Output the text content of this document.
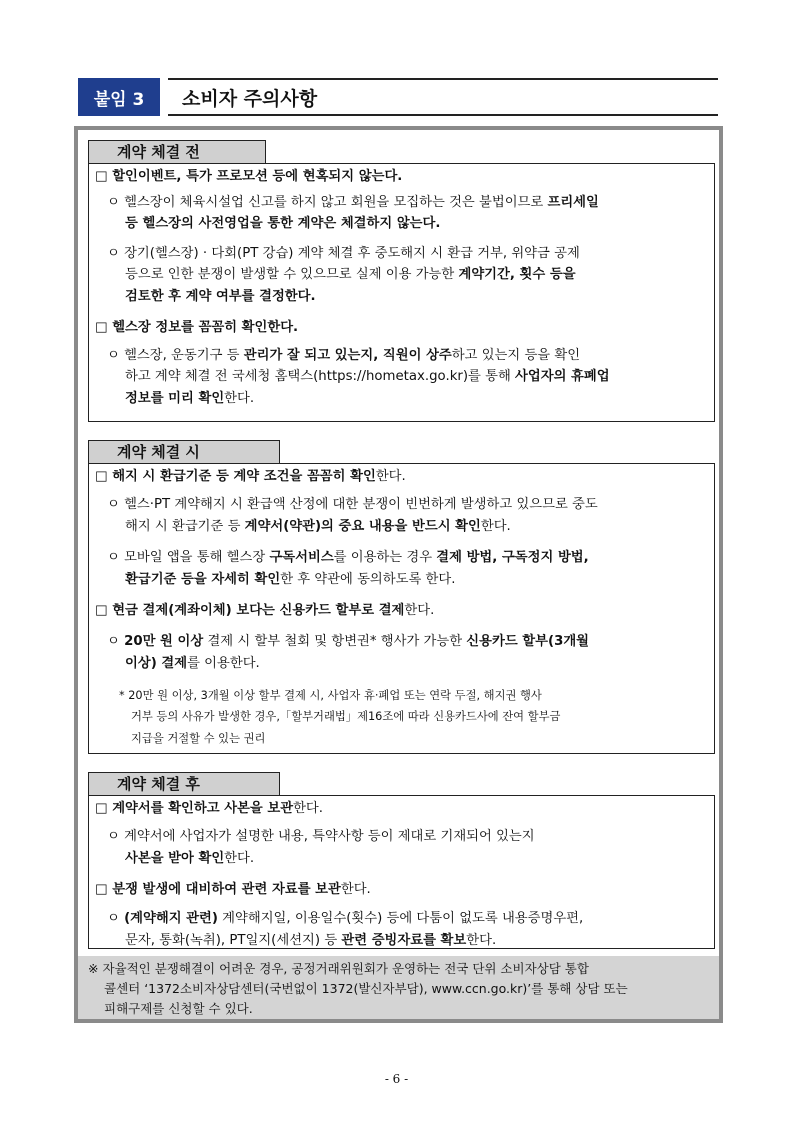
붙임 3	소비자 주의사항
계약 체결 전
□ 할인이벤트, 특가 프로모션 등에 현혹되지 않는다.
ㅇ 헬스장이 체육시설업 신고를 하지 않고 회원을 모집하는 것은 불법이므로 프리세일
등 헬스장의 사전영업을 통한 계약은 체결하지 않는다.
ㅇ 장기(헬스장) · 다회(PT 강습) 계약 체결 후 중도해지 시 환급 거부, 위약금 공제
등으로 인한 분쟁이 발생할 수 있으므로 실제 이용 가능한 계약기간, 횟수 등을
검토한 후 계약 여부를 결정한다.
□ 헬스장 정보를 꼼꼼히 확인한다.
ㅇ 헬스장, 운동기구 등 관리가 잘 되고 있는지, 직원이 상주하고 있는지 등을 확인
하고 계약 체결 전 국세청 홈택스(https://hometax.go.kr)를 통해 사업자의 휴폐업
정보를 미리 확인한다.
계약 체결 시
□ 해지 시 환급기준 등 계약 조건을 꼼꼼히 확인한다.
ㅇ 헬스·PT 계약해지 시 환급액 산정에 대한 분쟁이 빈번하게 발생하고 있으므로 중도
해지 시 환급기준 등 계약서(약관)의 중요 내용을 반드시 확인한다.
ㅇ 모바일 앱을 통해 헬스장 구독서비스를 이용하는 경우 결제 방법, 구독정지 방법,
환급기준 등을 자세히 확인한 후 약관에 동의하도록 한다.
□ 현금 결제(계좌이체) 보다는 신용카드 할부로 결제한다.
ㅇ 20만 원 이상 결제 시 할부 철회 및 항변권* 행사가 가능한 신용카드 할부(3개월
이상) 결제를 이용한다.
* 20만 원 이상, 3개월 이상 할부 결제 시, 사업자 휴·폐업 또는 연락 두절, 해지권 행사
거부 등의 사유가 발생한 경우,「할부거래법」제16조에 따라 신용카드사에 잔여 할부금
지급을 거절할 수 있는 권리
계약 체결 후
□ 계약서를 확인하고 사본을 보관한다.
ㅇ 계약서에 사업자가 설명한 내용, 특약사항 등이 제대로 기재되어 있는지
사본을 받아 확인한다.
□ 분쟁 발생에 대비하여 관련 자료를 보관한다.
ㅇ (계약해지 관련) 계약해지일, 이용일수(횟수) 등에 다툼이 없도록 내용증명우편,
문자, 통화(녹취), PT일지(세션지) 등 관련 증빙자료를 확보한다.
※ 자율적인 분쟁해결이 어려운 경우, 공정거래위원회가 운영하는 전국 단위 소비자상담 통합
콜센터 ‘1372소비자상담센터(국번없이 1372(발신자부담), www.ccn.go.kr)’를 통해 상담 또는
피해구제를 신청할 수 있다.
- 6 -
